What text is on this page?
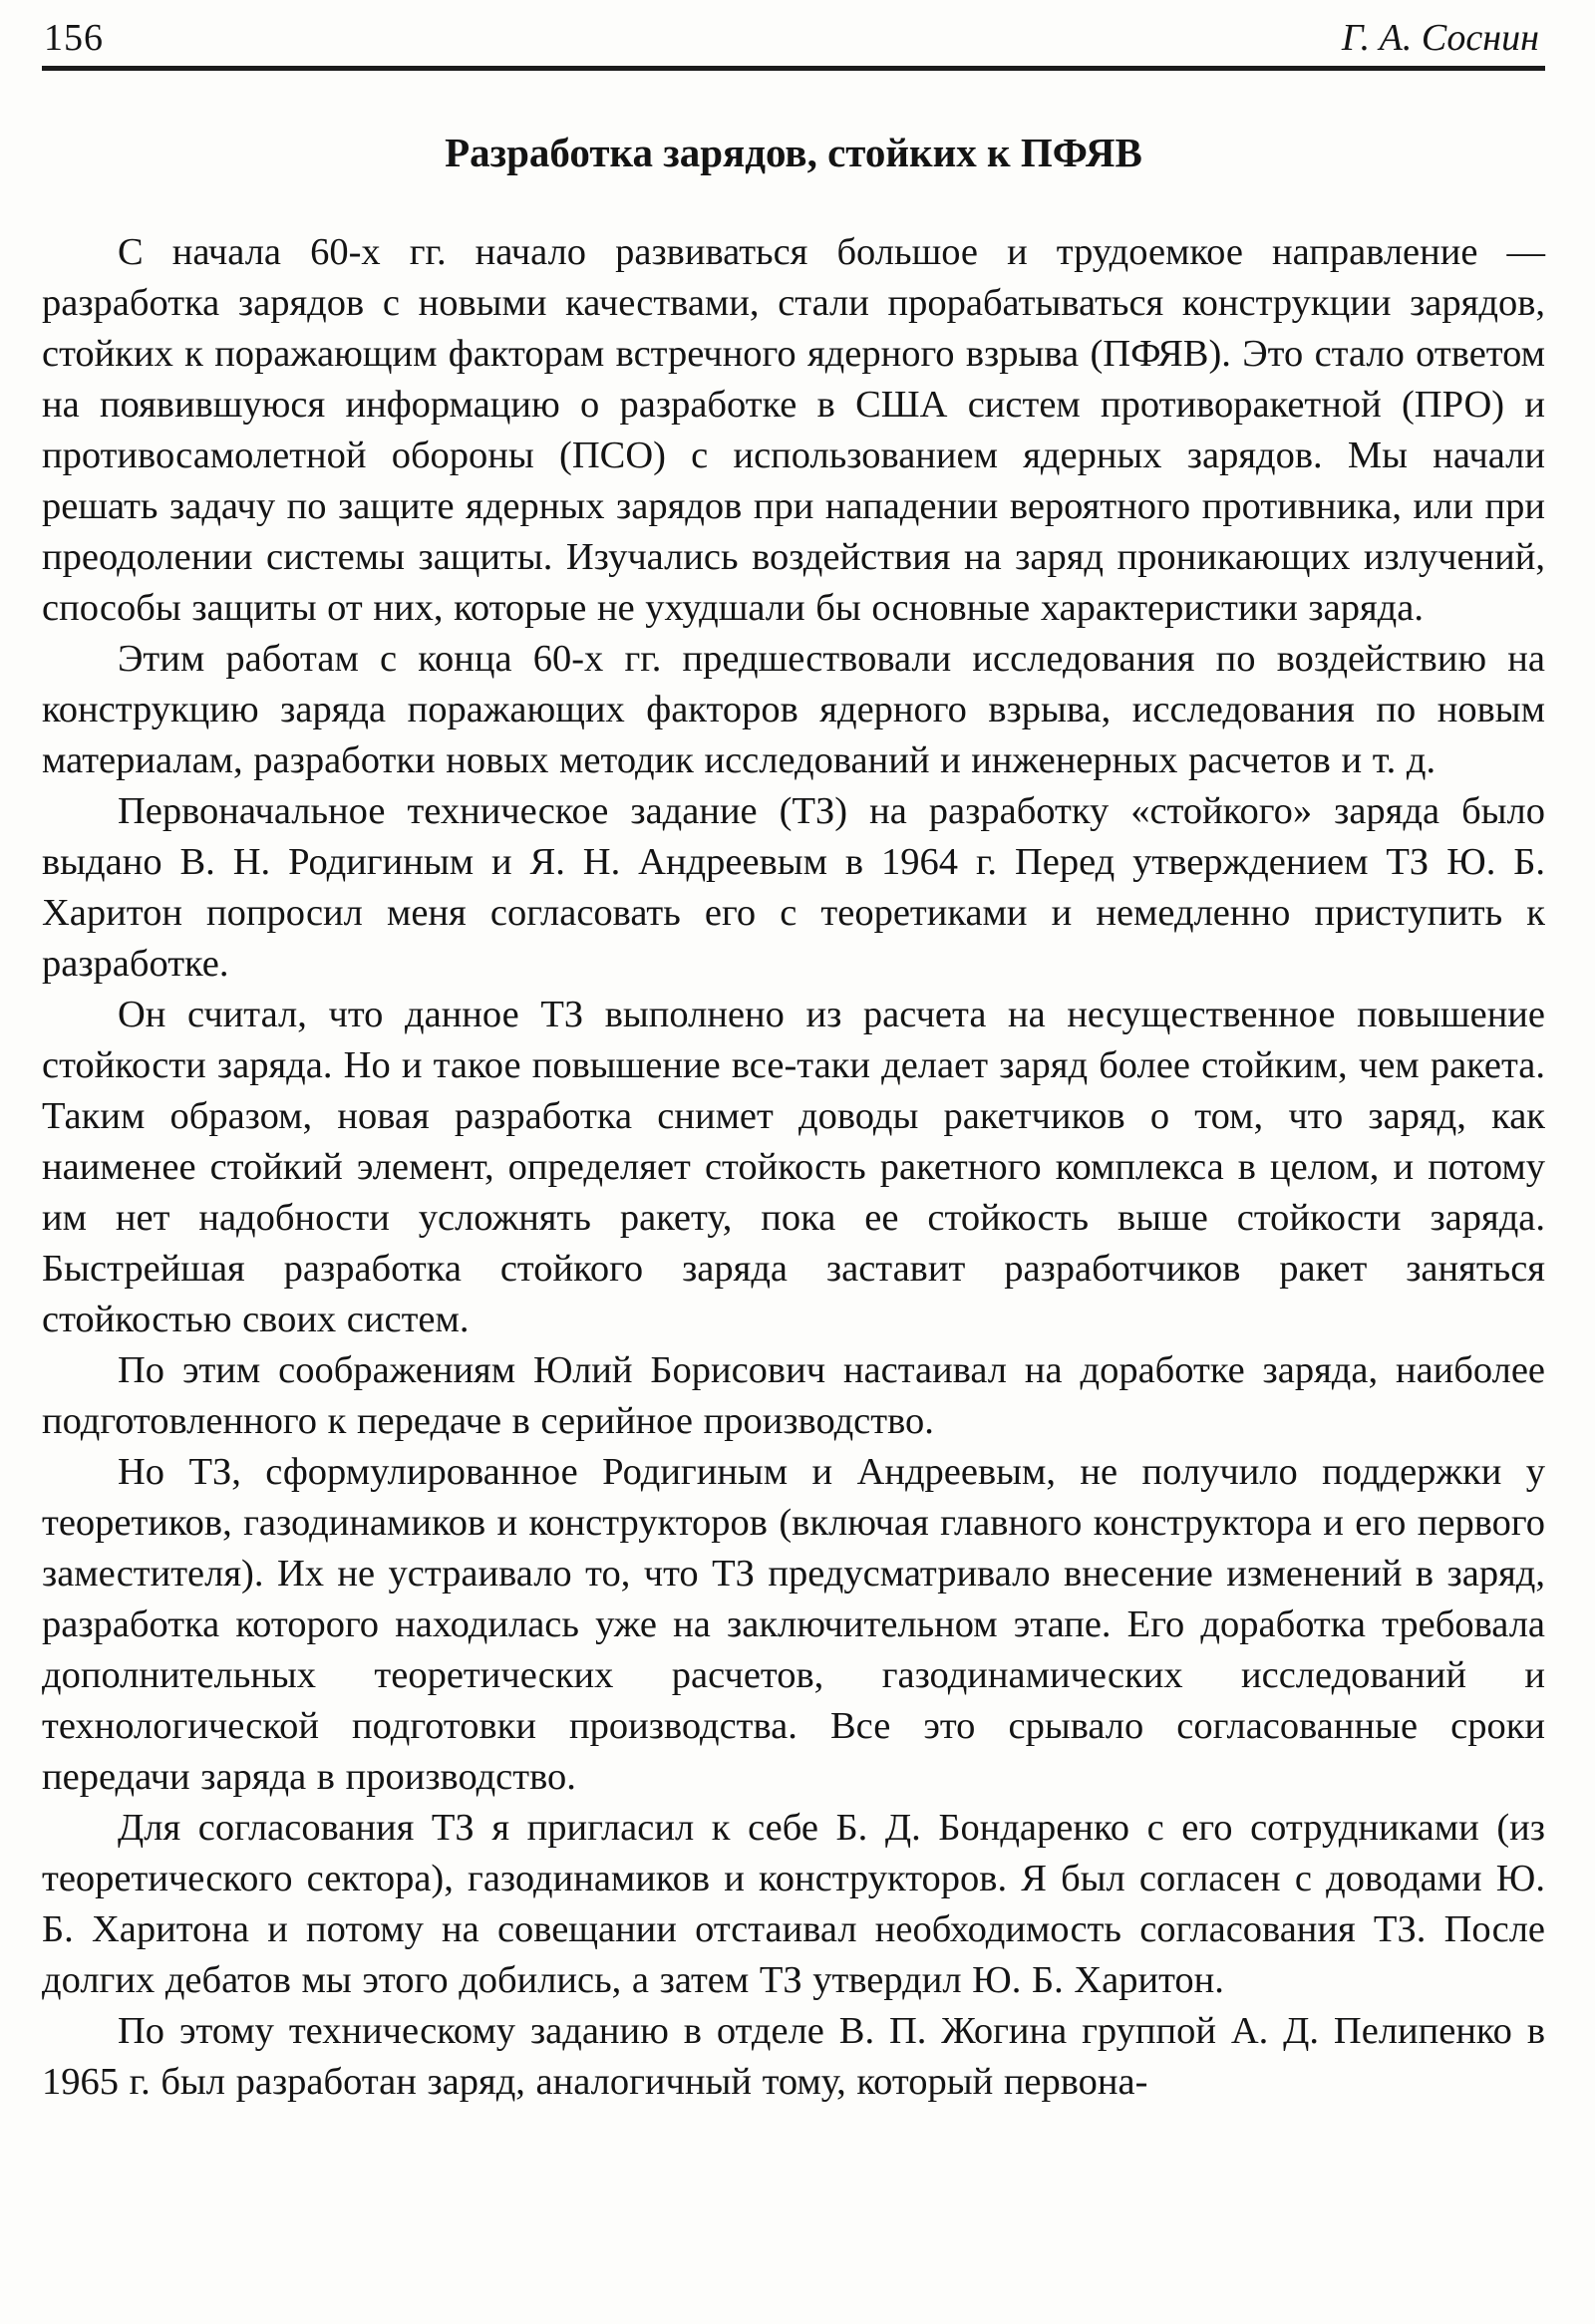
156	Г. А. Соснин
Разработка зарядов, стойких к ПФЯВ

С начала 60-х гг. начало развиваться большое и трудоемкое направление — разработка зарядов с новыми качествами, стали прорабатываться конструкции зарядов, стойких к поражающим факторам встречного ядерного взрыва (ПФЯВ). Это стало ответом на появившуюся информацию о разработке в США систем противоракетной (ПРО) и противосамолетной обороны (ПСО) с использованием ядерных зарядов. Мы начали решать задачу по защите ядерных зарядов при нападении вероятного противника, или при преодолении системы защиты. Изучались воздействия на заряд проникающих излучений, способы защиты от них, которые не ухудшали бы основные характеристики заряда.

Этим работам с конца 60-х гг. предшествовали исследования по воздействию на конструкцию заряда поражающих факторов ядерного взрыва, исследования по новым материалам, разработки новых методик исследований и инженерных расчетов и т. д.

Первоначальное техническое задание (ТЗ) на разработку «стойкого» заряда было выдано В. Н. Родигиным и Я. Н. Андреевым в 1964 г. Перед утверждением ТЗ Ю. Б. Харитон попросил меня согласовать его с теоретиками и немедленно приступить к разработке.

Он считал, что данное ТЗ выполнено из расчета на несущественное повышение стойкости заряда. Но и такое повышение все-таки делает заряд более стойким, чем ракета. Таким образом, новая разработка снимет доводы ракетчиков о том, что заряд, как наименее стойкий элемент, определяет стойкость ракетного комплекса в целом, и потому им нет надобности усложнять ракету, пока ее стойкость выше стойкости заряда. Быстрейшая разработка стойкого заряда заставит разработчиков ракет заняться стойкостью своих систем.

По этим соображениям Юлий Борисович настаивал на доработке заряда, наиболее подготовленного к передаче в серийное производство.

Но ТЗ, сформулированное Родигиным и Андреевым, не получило поддержки у теоретиков, газодинамиков и конструкторов (включая главного конструктора и его первого заместителя). Их не устраивало то, что ТЗ предусматривало внесение изменений в заряд, разработка которого находилась уже на заключительном этапе. Его доработка требовала дополнительных теоретических расчетов, газодинамических исследований и технологической подготовки производства. Все это срывало согласованные сроки передачи заряда в производство.

Для согласования ТЗ я пригласил к себе Б. Д. Бондаренко с его сотрудниками (из теоретического сектора), газодинамиков и конструкторов. Я был согласен с доводами Ю. Б. Харитона и потому на совещании отстаивал необходимость согласования ТЗ. После долгих дебатов мы этого добились, а затем ТЗ утвердил Ю. Б. Харитон.

По этому техническому заданию в отделе В. П. Жогина группой А. Д. Пелипенко в 1965 г. был разработан заряд, аналогичный тому, который первона-
